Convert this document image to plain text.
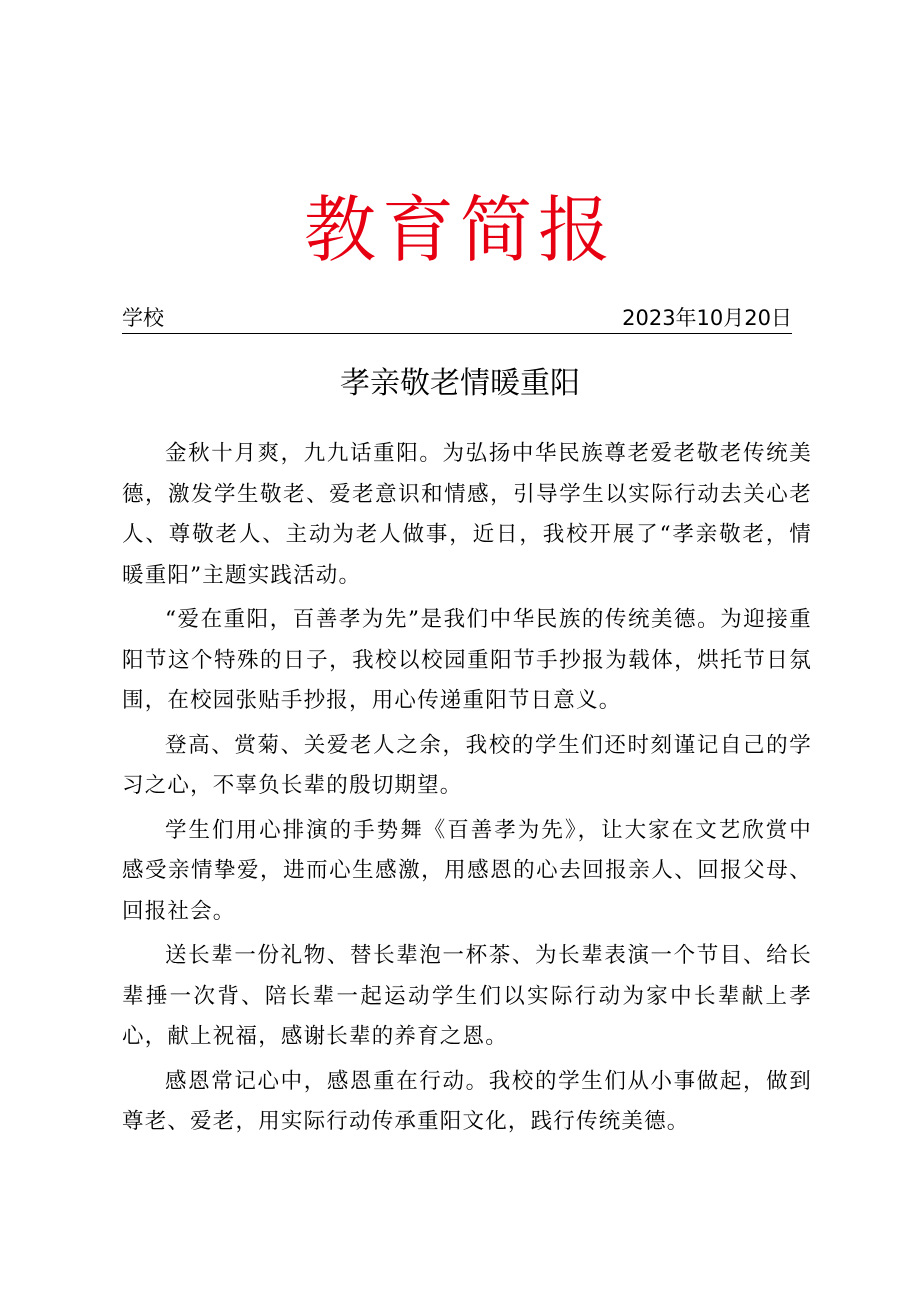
教育简报
学校	2023年10月20日
孝亲敬老情暖重阳

金秋十月爽，九九话重阳。为弘扬中华民族尊老爱老敬老传统美德，激发学生敬老、爱老意识和情感，引导学生以实际行动去关心老人、尊敬老人、主动为老人做事，近日，我校开展了“孝亲敬老，情暖重阳”主题实践活动。

“爱在重阳，百善孝为先”是我们中华民族的传统美德。为迎接重阳节这个特殊的日子，我校以校园重阳节手抄报为载体，烘托节日氛围，在校园张贴手抄报，用心传递重阳节日意义。

登高、赏菊、关爱老人之余，我校的学生们还时刻谨记自己的学习之心，不辜负长辈的殷切期望。

学生们用心排演的手势舞《百善孝为先》，让大家在文艺欣赏中感受亲情挚爱，进而心生感激，用感恩的心去回报亲人、回报父母、回报社会。

送长辈一份礼物、替长辈泡一杯茶、为长辈表演一个节目、给长辈捶一次背、陪长辈一起运动学生们以实际行动为家中长辈献上孝心，献上祝福，感谢长辈的养育之恩。

感恩常记心中，感恩重在行动。我校的学生们从小事做起，做到尊老、爱老，用实际行动传承重阳文化，践行传统美德。
